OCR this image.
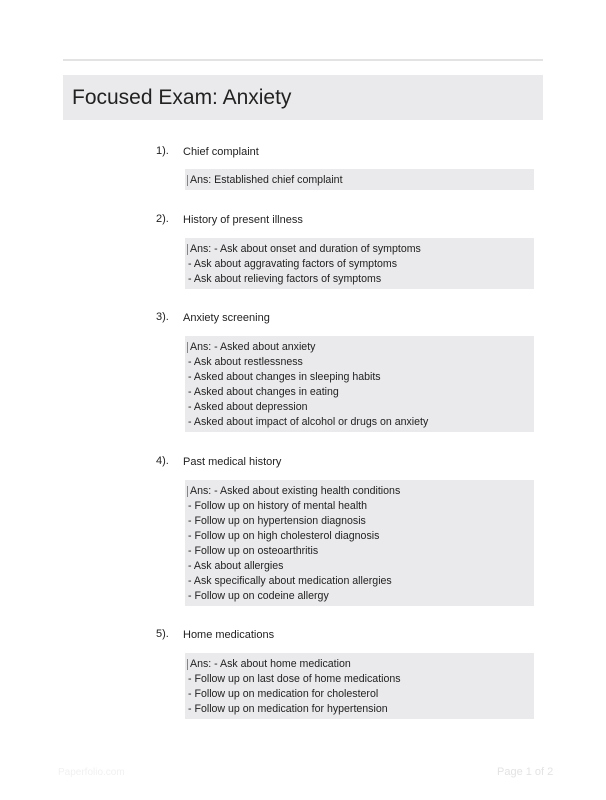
Focused Exam: Anxiety
1). Chief complaint
Ans: Established chief complaint
2). History of present illness
Ans: - Ask about onset and duration of symptoms
- Ask about aggravating factors of symptoms
- Ask about relieving factors of symptoms
3). Anxiety screening
Ans: - Asked about anxiety
- Ask about restlessness
- Asked about changes in sleeping habits
- Asked about changes in eating
- Asked about depression
- Asked about impact of alcohol or drugs on anxiety
4). Past medical history
Ans: - Asked about existing health conditions
- Follow up on history of mental health
- Follow up on hypertension diagnosis
- Follow up on high cholesterol diagnosis
- Follow up on osteoarthritis
- Ask about allergies
- Ask specifically about medication allergies
- Follow up on codeine allergy
5). Home medications
Ans: - Ask about home medication
- Follow up on last dose of home medications
- Follow up on medication for cholesterol
- Follow up on medication for hypertension
Paperfolio.com	Page 1 of 2
